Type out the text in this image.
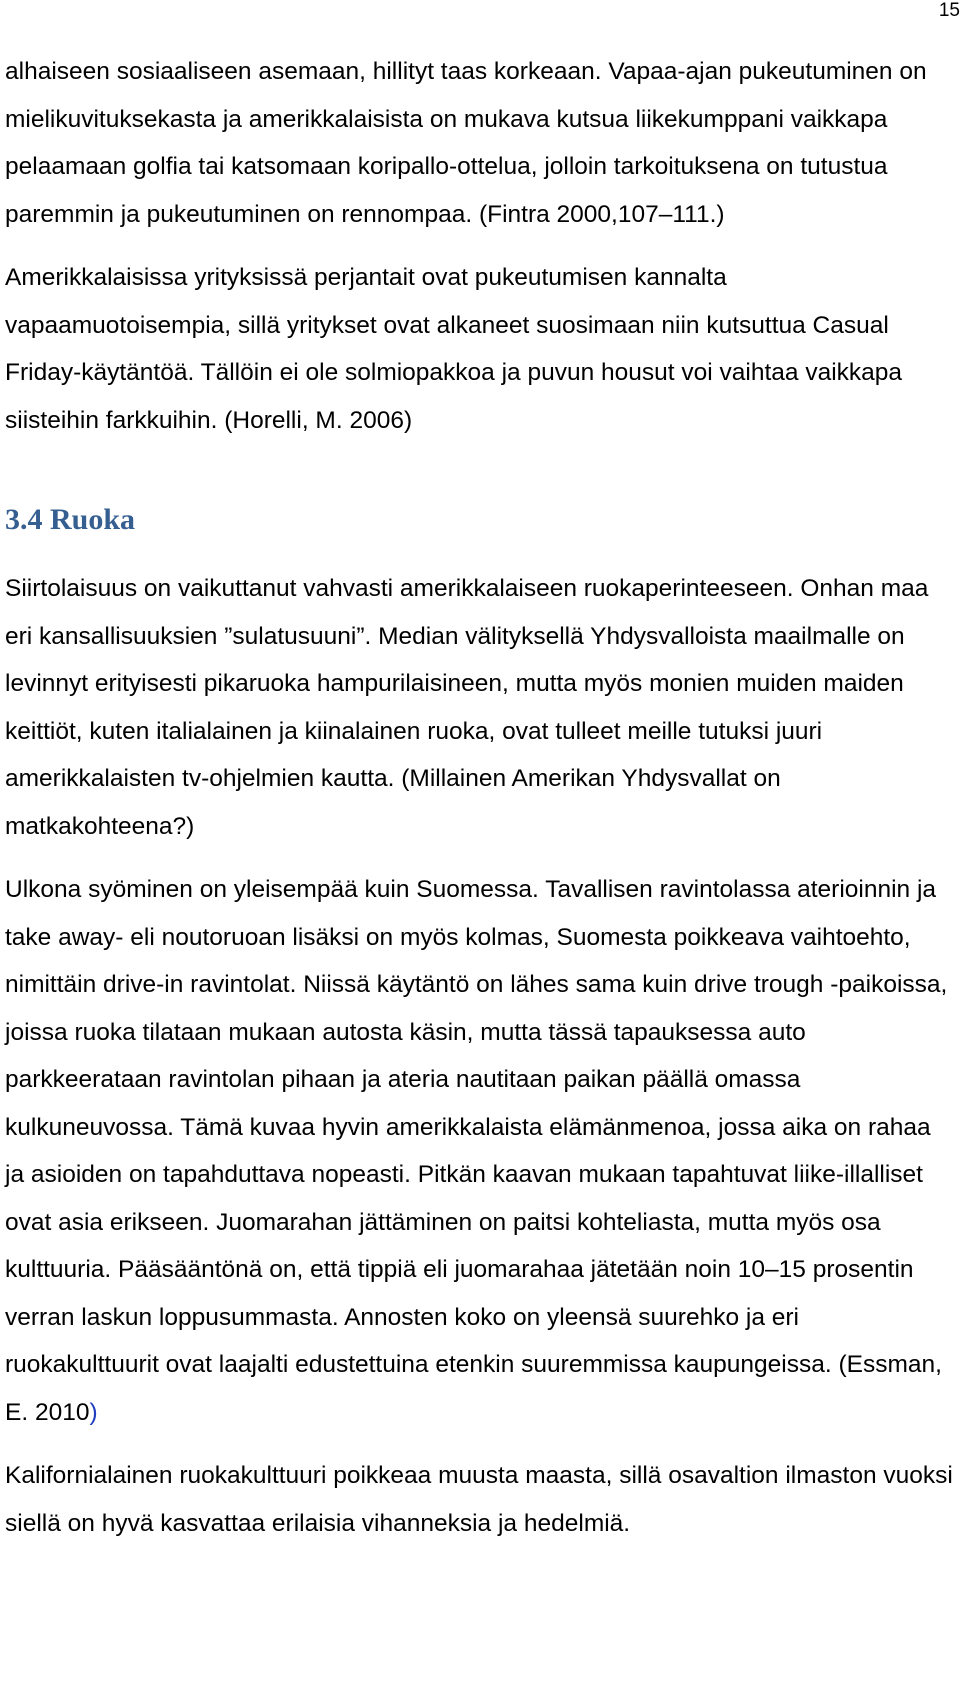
15

alhaiseen sosiaaliseen asemaan, hillityt taas korkeaan. Vapaa-ajan pukeutuminen on mielikuvituksekasta ja amerikkalaisista on mukava kutsua liikekumppani vaikkapa pelaamaan golfia tai katsomaan koripallo-ottelua, jolloin tarkoituksena on tutustua paremmin ja pukeutuminen on rennompaa. (Fintra 2000,107–111.)

Amerikkalaisissa yrityksissä perjantait ovat pukeutumisen kannalta vapaamuotoisempia, sillä yritykset ovat alkaneet suosimaan niin kutsuttua Casual Friday-käytäntöä. Tällöin ei ole solmiopakkoa ja puvun housut voi vaihtaa vaikkapa siisteihin farkkuihin. (Horelli, M. 2006)

3.4 Ruoka

Siirtolaisuus on vaikuttanut vahvasti amerikkalaiseen ruokaperinteeseen. Onhan maa eri kansallisuuksien ”sulatusuuni”. Median välityksellä Yhdysvalloista maailmalle on levinnyt erityisesti pikaruoka hampurilaisineen, mutta myös monien muiden maiden keittiöt, kuten italialainen ja kiinalainen ruoka, ovat tulleet meille tutuksi juuri amerikkalaisten tv-ohjelmien kautta. (Millainen Amerikan Yhdysvallat on matkakohteena?)

Ulkona syöminen on yleisempää kuin Suomessa. Tavallisen ravintolassa aterioinnin ja take away- eli noutoruoan lisäksi on myös kolmas, Suomesta poikkeava vaihtoehto, nimittäin drive-in ravintolat. Niissä käytäntö on lähes sama kuin drive trough -paikoissa, joissa ruoka tilataan mukaan autosta käsin, mutta tässä tapauksessa auto parkkeerataan ravintolan pihaan ja ateria nautitaan paikan päällä omassa kulkuneuvossa. Tämä kuvaa hyvin amerikkalaista elämänmenoa, jossa aika on rahaa ja asioiden on tapahduttava nopeasti. Pitkän kaavan mukaan tapahtuvat liike-illalliset ovat asia erikseen. Juomarahan jättäminen on paitsi kohteliasta, mutta myös osa kulttuuria. Pääsääntönä on, että tippiä eli juomarahaa jätetään noin 10–15 prosentin verran laskun loppusummasta. Annosten koko on yleensä suurehko ja eri ruokakulttuurit ovat laajalti edustettuina etenkin suuremmissa kaupungeissa. (Essman, E. 2010)

Kalifornialainen ruokakulttuuri poikkeaa muusta maasta, sillä osavaltion ilmaston vuoksi siellä on hyvä kasvattaa erilaisia vihanneksia ja hedelmiä.
